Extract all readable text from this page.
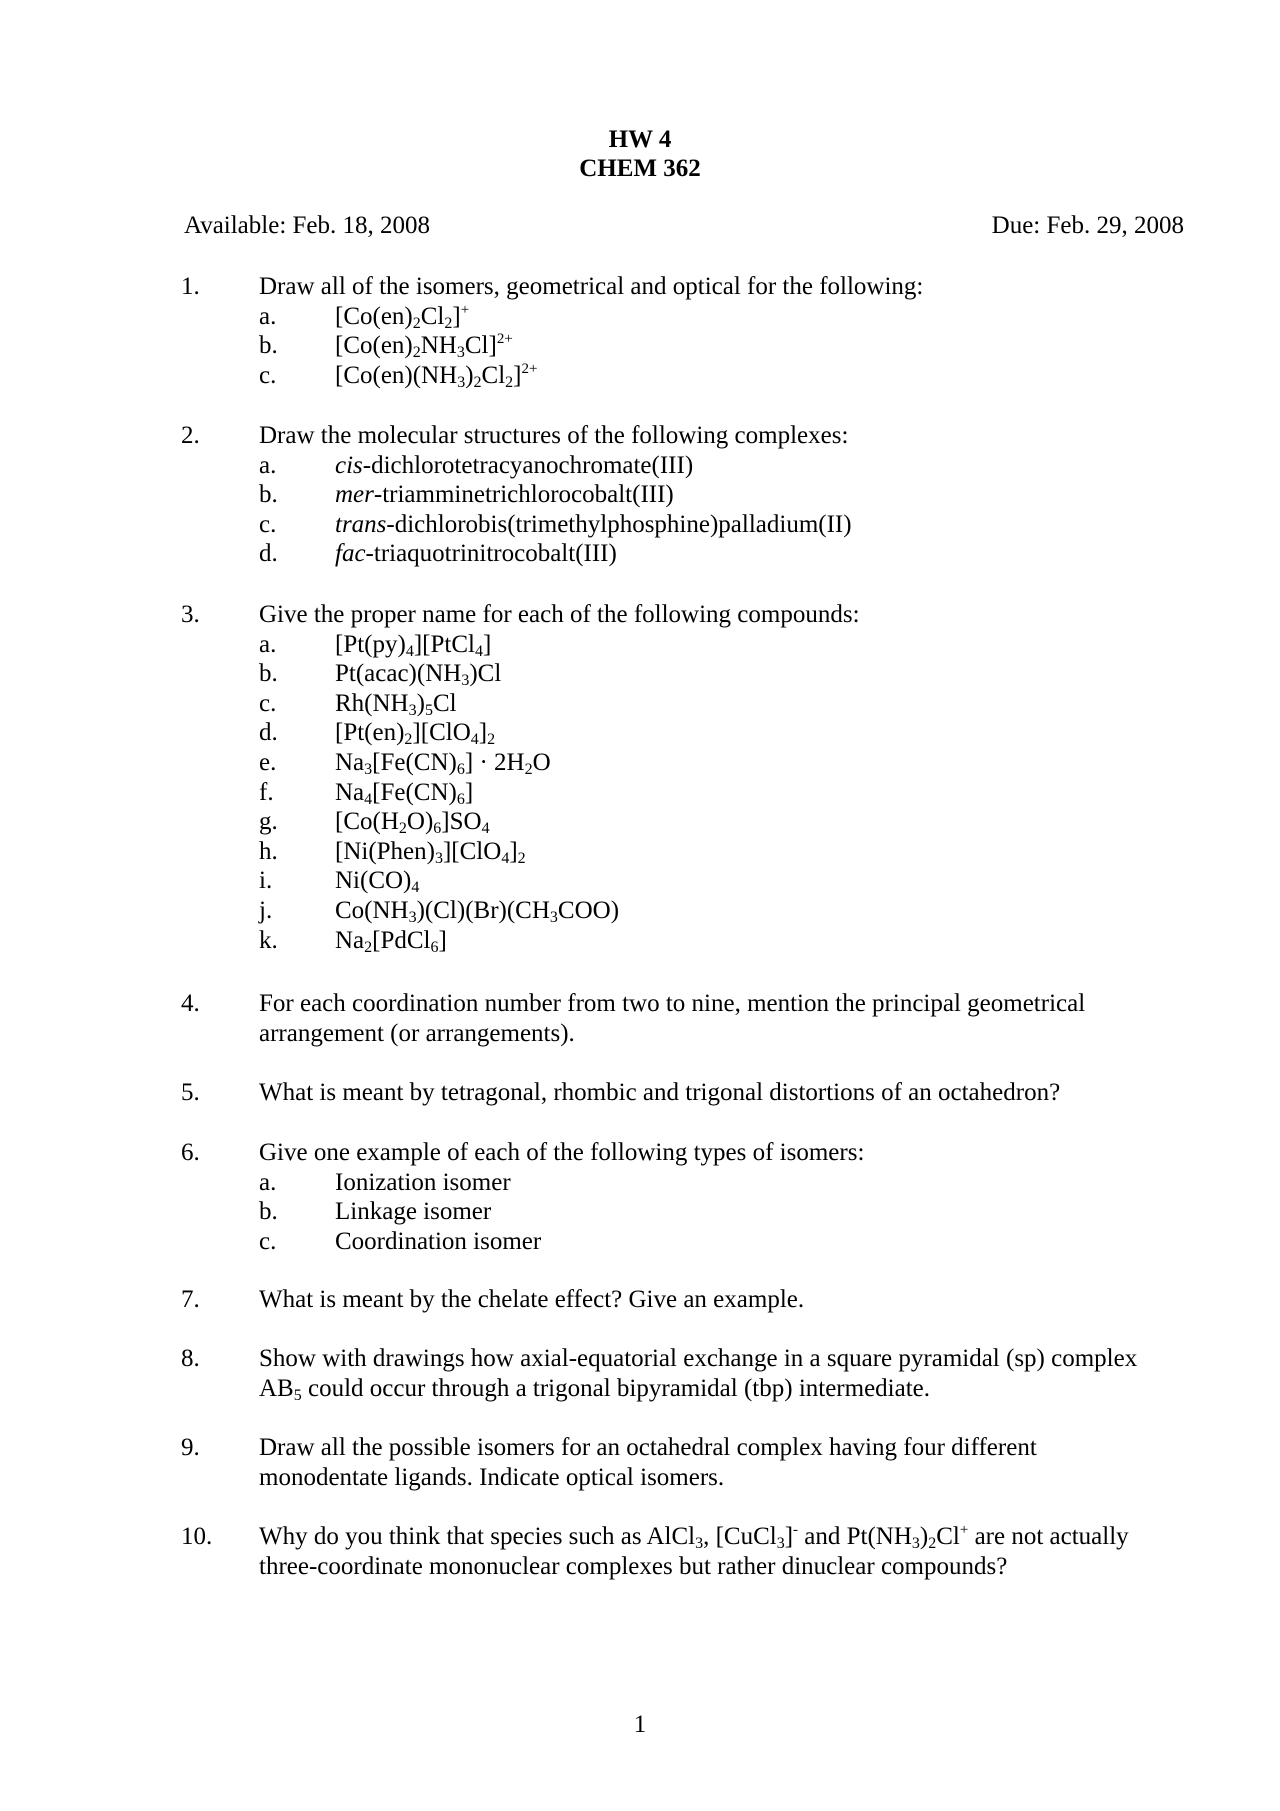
HW 4
CHEM 362
Available: Feb. 18, 2008	Due: Feb. 29, 2008
1. Draw all of the isomers, geometrical and optical for the following:
a. [Co(en)2Cl2]+
b. $[Co(en)2NH3Cl]^{2+}$
c. $[Co(en)(NH3)2Cl2]^{2+}$
2. Draw the molecular structures of the following complexes:
a. cis-dichlorotetracyanochromate(III)
b. mer-triamminetrichlorocobalt(III)
c. trans-dichlorobis(trimethylphosphine)palladium(II)
d. fac-triaquotrinitrocobalt(III)
3. Give the proper name for each of the following compounds:
a. [Pt(py)4][PtCl4]
b. Pt(acac)(NH3)Cl
c. Rh(NH3)5Cl
d. [Pt(en)2][ClO4]2
e. Na3[Fe(CN)6] · 2H2O
f. Na4[Fe(CN)6]
g. [Co(H2O)6]SO4
h. [Ni(Phen)3][ClO4]2
i.	Ni(CO)4
j.	Co(NH3)(Cl)(Br)(CH3COO)
k. Na2[PdCl6]
4. For each coordination number from two to nine, mention the principal geometrical
arrangement (or arrangements).
5. What is meant by tetragonal, rhombic and trigonal distortions of an octahedron?
6. Give one example of each of the following types of isomers:
a. Ionization isomer
b. Linkage isomer
c. Coordination isomer
7. What is meant by the chelate effect? Give an example.
8. Show with drawings how axial-equatorial exchange in a square pyramidal (sp) complex
AB5 could occur through a trigonal bipyramidal (tbp) intermediate.
9. Draw all the possible isomers for an octahedral complex having four different
monodentate ligands. Indicate optical isomers.
10. Why do you think that species such as AlCl3, [CuCl3]- and Pt(NH3)2Cl+ are not actually
three-coordinate mononuclear complexes but rather dinuclear compounds?
1
